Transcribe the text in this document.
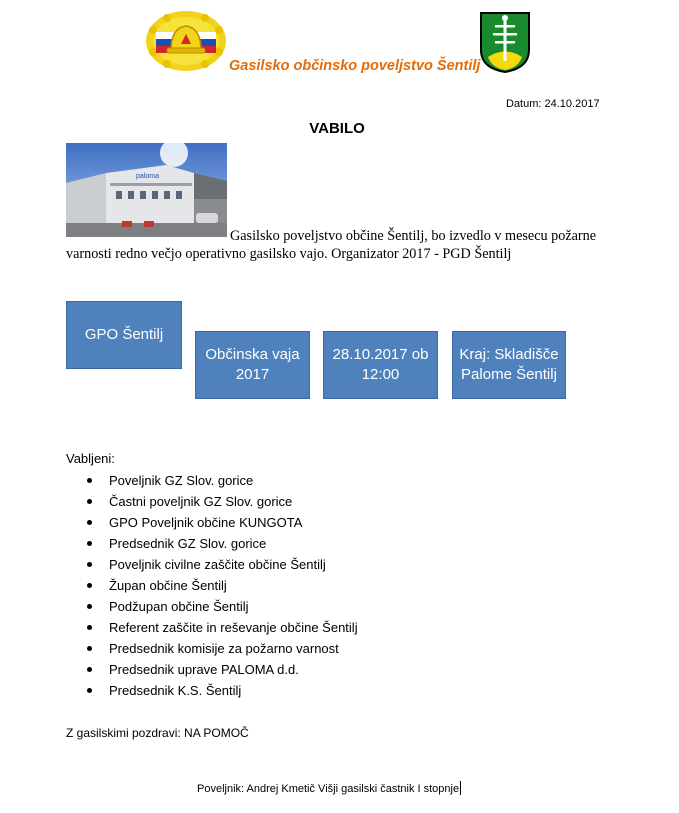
Gasilsko občinsko poveljstvo Šentilj
Datum: 24.10.2017
VABILO
paloma
Gasilsko poveljstvo občine Šentilj, bo izvedlo v mesecu požarne varnosti redno večjo operativno gasilsko vajo. Organizator 2017 - PGD Šentilj
GPO Šentilj
Občinska vaja 2017
28.10.2017 ob 12:00
Kraj: Skladišče Palome Šentilj
Vabljeni:
Poveljnik GZ Slov. gorice
Častni poveljnik GZ Slov. gorice
GPO Poveljnik občine KUNGOTA
Predsednik GZ Slov. gorice
Poveljnik civilne zaščite občine Šentilj
Župan občine Šentilj
Podžupan občine Šentilj
Referent zaščite in reševanje občine Šentilj
Predsednik komisije za požarno varnost
Predsednik uprave PALOMA d.d.
Predsednik K.S. Šentilj
Z gasilskimi pozdravi: NA POMOČ
Poveljnik: Andrej Kmetič Višji gasilski častnik I stopnje
